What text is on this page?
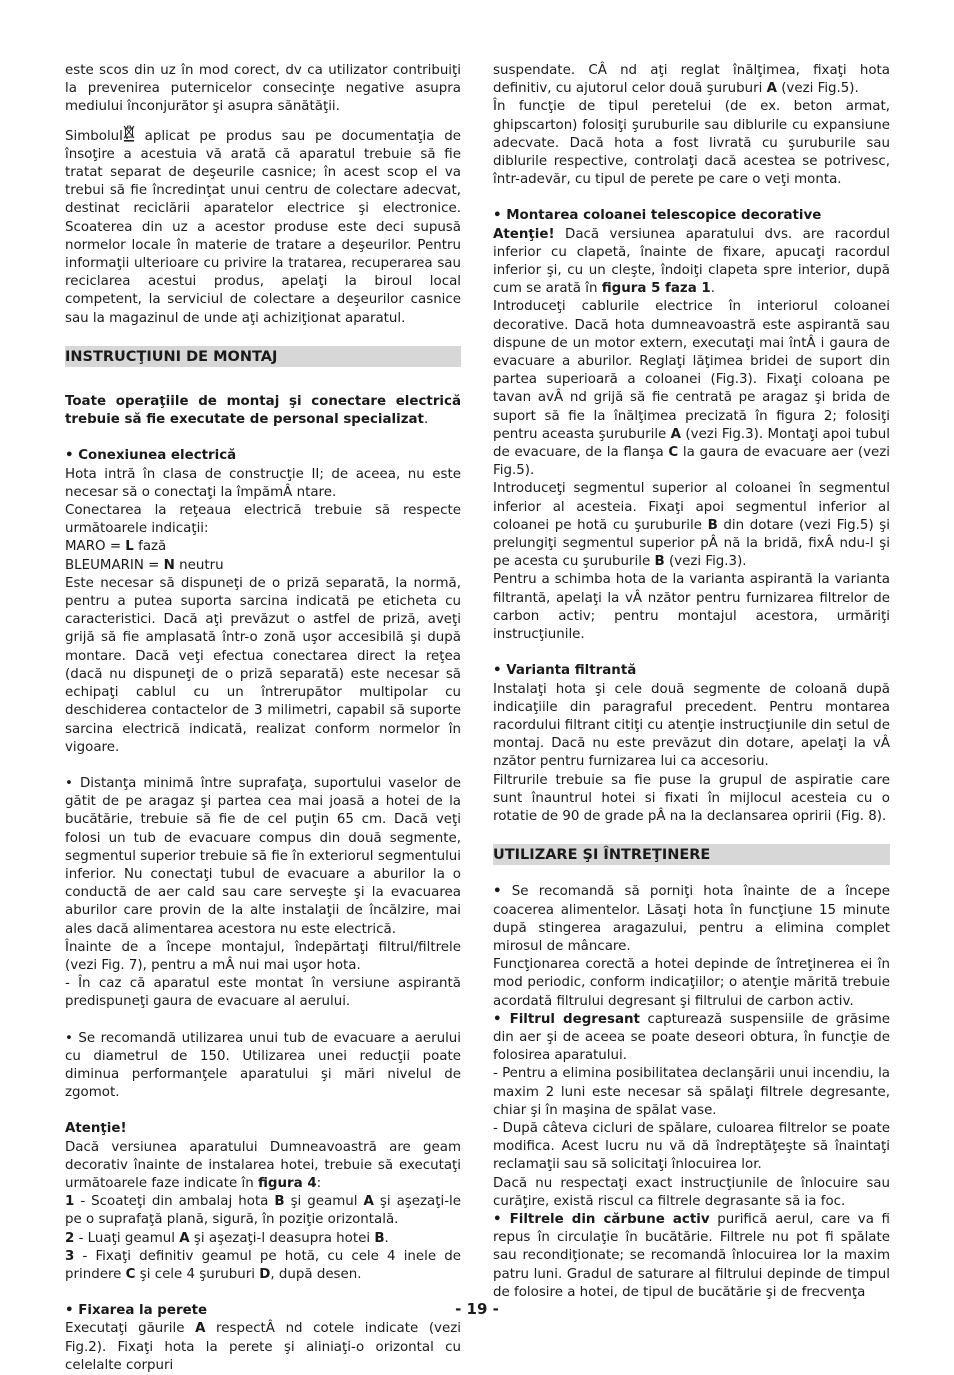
este scos din uz în mod corect, dv ca utilizator contribuiţi la prevenirea puternicelor consecinţe negative asupra mediului înconjurător şi asupra sănătăţii.

Simbolul aplicat pe produs sau pe documentaţia de însoţire a acestuia vă arată că aparatul trebuie să fie tratat separat de deşeurile casnice; în acest scop el va trebui să fie încredinţat unui centru de colectare adecvat, destinat reciclării aparatelor electrice şi electronice. Scoaterea din uz a acestor produse este deci supusă normelor locale în materie de tratare a deşeurilor. Pentru informaţii ulterioare cu privire la tratarea, recuperarea sau reciclarea acestui produs, apelaţi la biroul local competent, la serviciul de colectare a deşeurilor casnice sau la magazinul de unde aţi achiziţionat aparatul.

INSTRUCŢIUNI DE MONTAJ

Toate operaţiile de montaj şi conectare electrică trebuie să fie executate de personal specializat.

• Conexiunea electrică

Hota intră în clasa de construcţie II; de aceea, nu este necesar să o conectaţi la împămÂ ntare.

Conectarea la reţeaua electrică trebuie să respecte următoarele indicaţii:

MARO = L fază

BLEUMARIN = N neutru

Este necesar să dispuneţi de o priză separată, la normă, pentru a putea suporta sarcina indicată pe eticheta cu caracteristici. Dacă aţi prevăzut o astfel de priză, aveţi grijă să fie amplasată într-o zonă uşor accesibilă şi după montare. Dacă veţi efectua conectarea direct la reţea (dacă nu dispuneţi de o priză separată) este necesar să echipaţi cablul cu un întrerupător multipolar cu deschiderea contactelor de 3 milimetri, capabil să suporte sarcina electrică indicată, realizat conform normelor în vigoare.

• Distanţa minimă între suprafaţa, suportului vaselor de gătit de pe aragaz şi partea cea mai joasă a hotei de la bucătărie, trebuie să fie de cel puţin 65 cm. Dacă veţi folosi un tub de evacuare compus din două segmente, segmentul superior trebuie să fie în exteriorul segmentului inferior. Nu conectaţi tubul de evacuare a aburilor la o conductă de aer cald sau care serveşte şi la evacuarea aburilor care provin de la alte instalaţii de încălzire, mai ales dacă alimentarea acestora nu este electrică.

Înainte de a începe montajul, îndepărtaţi filtrul/filtrele (vezi Fig. 7), pentru a mÂ nui mai uşor hota.

- În caz că aparatul este montat în versiune aspirantă predispuneţi gaura de evacuare al aerului.

• Se recomandă utilizarea unui tub de evacuare a aerului cu diametrul de 150. Utilizarea unei reducţii poate diminua performanţele aparatului şi mări nivelul de zgomot.

Atenţie!

Dacă versiunea aparatului Dumneavoastră are geam decorativ înainte de instalarea hotei, trebuie să executaţi următoarele faze indicate în figura 4:

1 - Scoateţi din ambalaj hota B şi geamul A şi aşezaţi-le pe o suprafaţă plană, sigură, în poziţie orizontală.

2 - Luaţi geamul A şi aşezaţi-l deasupra hotei B.

3 - Fixaţi definitiv geamul pe hotă, cu cele 4 inele de prindere C şi cele 4 şuruburi D, după desen.

• Fixarea la perete

Executaţi găurile A respectÂ nd cotele indicate (vezi Fig.2). Fixaţi hota la perete şi aliniaţi-o orizontal cu celelalte corpuri

suspendate. CÂ nd aţi reglat înălţimea, fixaţi hota definitiv, cu ajutorul celor două şuruburi A (vezi Fig.5).

În funcţie de tipul peretelui (de ex. beton armat, ghipscarton) folosiţi şuruburile sau diblurile cu expansiune adecvate. Dacă hota a fost livrată cu şuruburile sau diblurile respective, controlaţi dacă acestea se potrivesc, într-adevăr, cu tipul de perete pe care o veţi monta.

• Montarea coloanei telescopice decorative

Atenţie! Dacă versiunea aparatului dvs. are racordul inferior cu clapetă, înainte de fixare, apucaţi racordul inferior şi, cu un cleşte, îndoiţi clapeta spre interior, după cum se arată în figura 5 faza 1.

Introduceţi cablurile electrice în interiorul coloanei decorative. Dacă hota dumneavoastră este aspirantă sau dispune de un motor extern, executaţi mai întÂ i gaura de evacuare a aburilor. Reglaţi lăţimea bridei de suport din partea superioară a coloanei (Fig.3). Fixaţi coloana pe tavan avÂ nd grijă să fie centrată pe aragaz şi brida de suport să fie la înălţimea precizată în figura 2; folosiţi pentru aceasta şuruburile A (vezi Fig.3). Montaţi apoi tubul de evacuare, de la flanşa C la gaura de evacuare aer (vezi Fig.5).

Introduceţi segmentul superior al coloanei în segmentul inferior al acesteia. Fixaţi apoi segmentul inferior al coloanei pe hotă cu şuruburile B din dotare (vezi Fig.5) şi prelungiţi segmentul superior pÂ nă la bridă, fixÂ ndu-l şi pe acesta cu şuruburile B (vezi Fig.3).

Pentru a schimba hota de la varianta aspirantă la varianta filtrantă, apelaţi la vÂ nzător pentru furnizarea filtrelor de carbon activ; pentru montajul acestora, urmăriţi instrucţiunile.

• Varianta filtrantă

Instalaţi hota şi cele două segmente de coloană după indicaţiile din paragraful precedent. Pentru montarea racordului filtrant citiţi cu atenţie instrucţiunile din setul de montaj. Dacă nu este prevăzut din dotare, apelaţi la vÂ nzător pentru furnizarea lui ca accesoriu.

Filtrurile trebuie sa fie puse la grupul de aspiratie care sunt înauntrul hotei si fixati în mijlocul acesteia cu o rotatie de 90 de grade pÂ na la declansarea opririi (Fig. 8).

UTILIZARE ŞI ÎNTREŢINERE

• Se recomandă să porniţi hota înainte de a începe coacerea alimentelor. Lăsaţi hota în funcţiune 15 minute după stingerea aragazului, pentru a elimina complet mirosul de mâncare.

Funcţionarea corectă a hotei depinde de întreţinerea ei în mod periodic, conform indicaţiilor; o atenţie mărită trebuie acordată filtrului degresant şi filtrului de carbon activ.

• Filtrul degresant capturează suspensiile de grăsime din aer şi de aceea se poate deseori obtura, în funcţie de folosirea aparatului.

- Pentru a elimina posibilitatea declanşării unui incendiu, la maxim 2 luni este necesar să spălaţi filtrele degresante, chiar şi în maşina de spălat vase.

- După câteva cicluri de spălare, culoarea filtrelor se poate modifica. Acest lucru nu vă dă îndreptăţeşte să înaintaţi reclamaţii sau să solicitaţi înlocuirea lor.

Dacă nu respectaţi exact instrucţiunile de înlocuire sau curăţire, există riscul ca filtrele degrasante să ia foc.

• Filtrele din cărbune activ purifică aerul, care va fi repus în circulaţie în bucătărie. Filtrele nu pot fi spălate sau recondiţionate; se recomandă înlocuirea lor la maxim patru luni. Gradul de saturare al filtrului depinde de timpul de folosire a hotei, de tipul de bucătărie şi de frecvenţa

- 19 -
